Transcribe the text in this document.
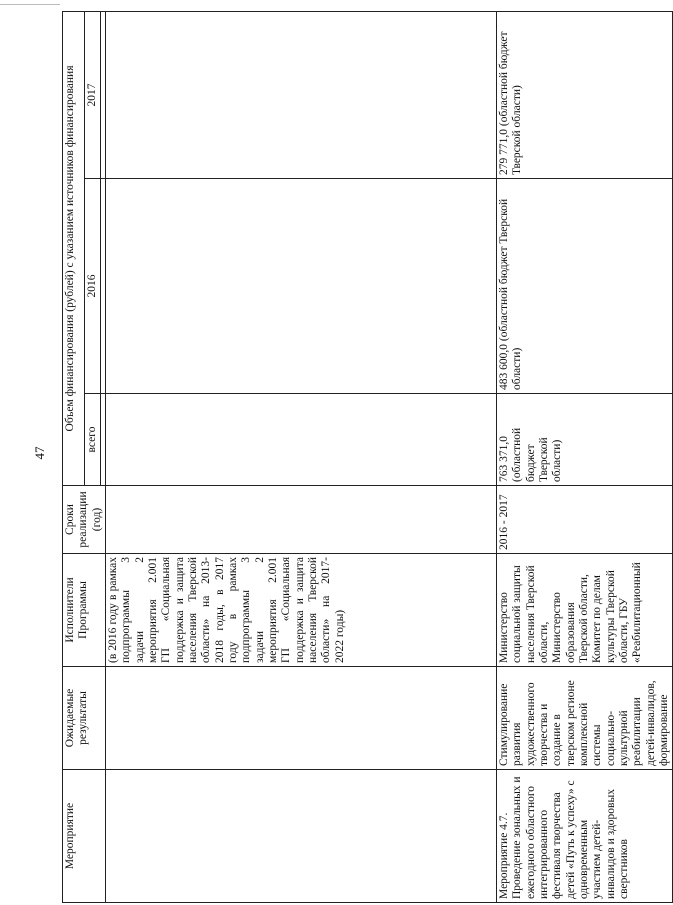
47
Мероприятие	Ожидаемые результаты	Исполнители Программы	Сроки реализации (год)	Объем финансирования (рублей) с указанием источников финансирования		
				всего	2016	2017

		(в 2016 году в рамках подпрограммы 3 задачи 2 мероприятия 2.001 ГП «Социальная поддержка и защита населения Тверской области» на 2013-2018 годы, в 2017 году в рамках подпрограммы 3 задачи 2 мероприятия 2.001 ГП «Социальная поддержка и защита населения Тверской области» на 2017-2022 годы)				
Мероприятие 4.7. Проведение зональных и ежегодного областного интегрированного фестиваля творчества детей «Путь к успеху» с одновременным участием детей-инвалидов и здоровых сверстников	Стимулирование развития художественного творчества и создание в тверском регионе комплексной системы социально-культурной реабилитации детей-инвалидов, формирование	Министерство социальной защиты населения Тверской области, Министерство образования Тверской области, Комитет по делам культуры Тверской области, ГБУ «Реабилитационный	2016 - 2017	763 371,0 (областной бюджет Тверской области)	483 600,0 (областной бюджет Тверской области)	279 771,0 (областной бюджет Тверской области)
